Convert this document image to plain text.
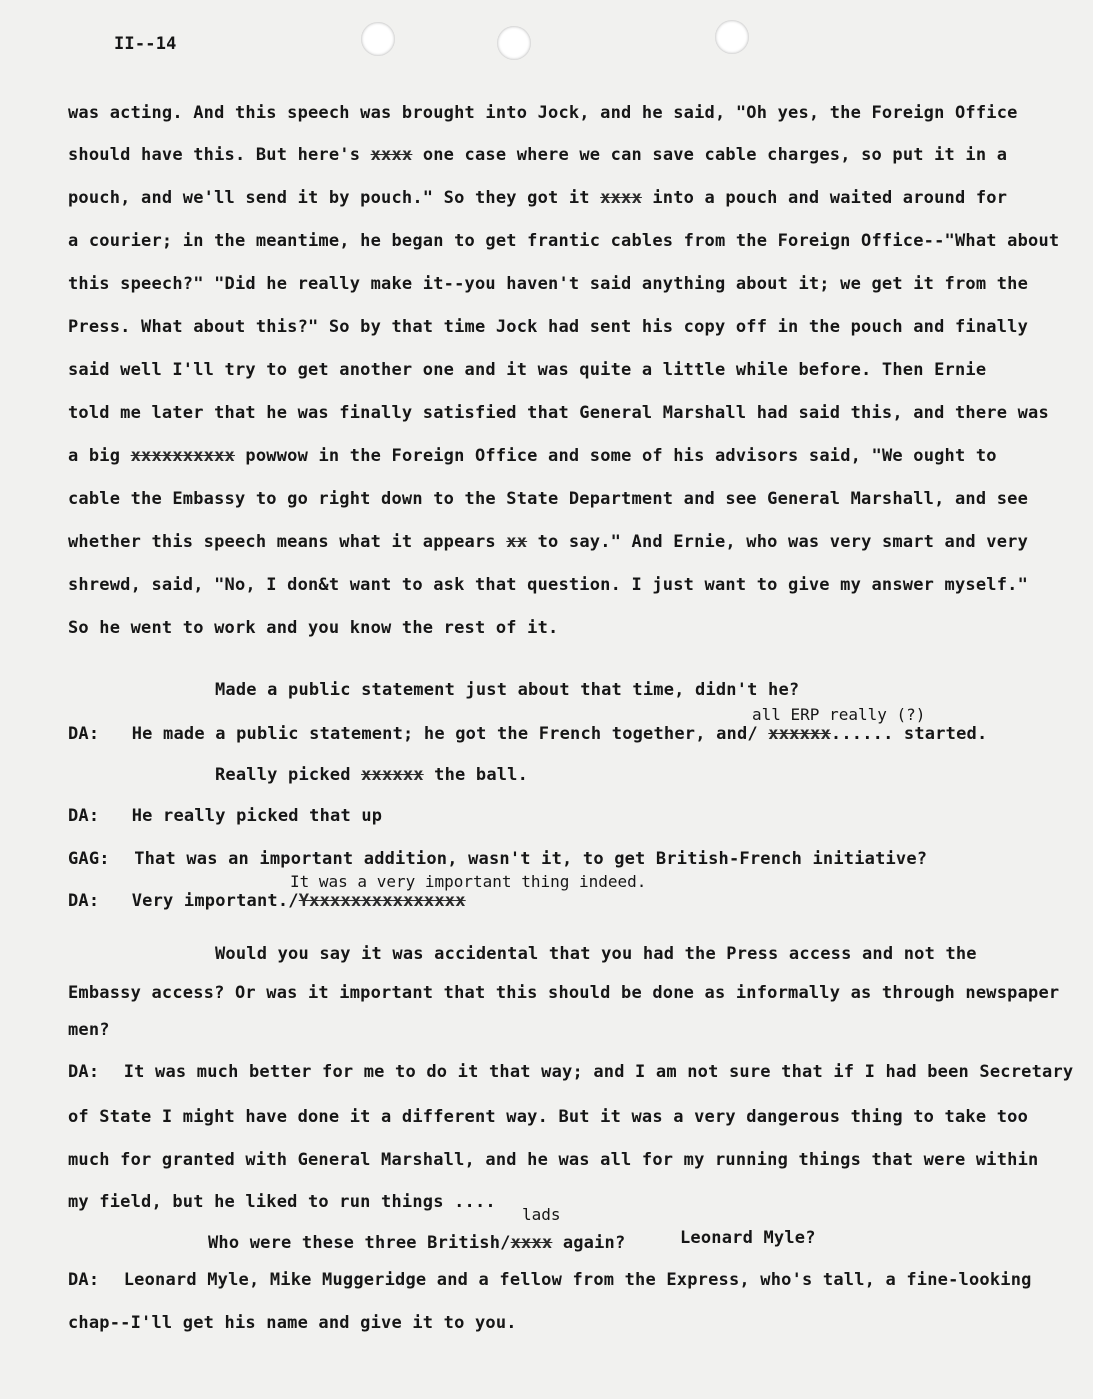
II--14
was acting. And this speech was brought into Jock, and he said, "Oh yes, the Foreign Office
should have this. But here's xxxx one case where we can save cable charges, so put it in a
pouch, and we'll send it by pouch." So they got it xxxx into a pouch and waited around for
a courier; in the meantime, he began to get frantic cables from the Foreign Office--"What about
this speech?" "Did he really make it--you haven't said anything about it; we get it from the
Press. What about this?" So by that time Jock had sent his copy off in the pouch and finally
said well I'll try to get another one and it was quite a little while before. Then Ernie
told me later that he was finally satisfied that General Marshall had said this, and there was
a big xxxxxxxxxx powwow in the Foreign Office and some of his advisors said, "We ought to
cable the Embassy to go right down to the State Department and see General Marshall, and see
whether this speech means what it appears xx to say." And Ernie, who was very smart and very
shrewd, said, "No, I don&t want to ask that question. I just want to give my answer myself."
So he went to work and you know the rest of it.
Made a public statement just about that time, didn't he?
all ERP really (?)
DA: He made a public statement; he got the French together, and/ xxxxxx...... started.
Really picked xxxxxx the ball.
DA: He really picked that up
GAG: That was an important addition, wasn't it, to get British-French initiative?
It was a very important thing indeed.
DA: Very important./Yxxxxxxxxxxxxxxx
Would you say it was accidental that you had the Press access and not the
Embassy access? Or was it important that this should be done as informally as through newspaper
men?
DA: It was much better for me to do it that way; and I am not sure that if I had been Secretary
of State I might have done it a different way. But it was a very dangerous thing to take too
much for granted with General Marshall, and he was all for my running things that were within
my field, but he liked to run things ....
lads
Who were these three British/xxxx again?	Leonard Myle?
DA: Leonard Myle, Mike Muggeridge and a fellow from the Express, who's tall, a fine-looking
chap--I'll get his name and give it to you.
